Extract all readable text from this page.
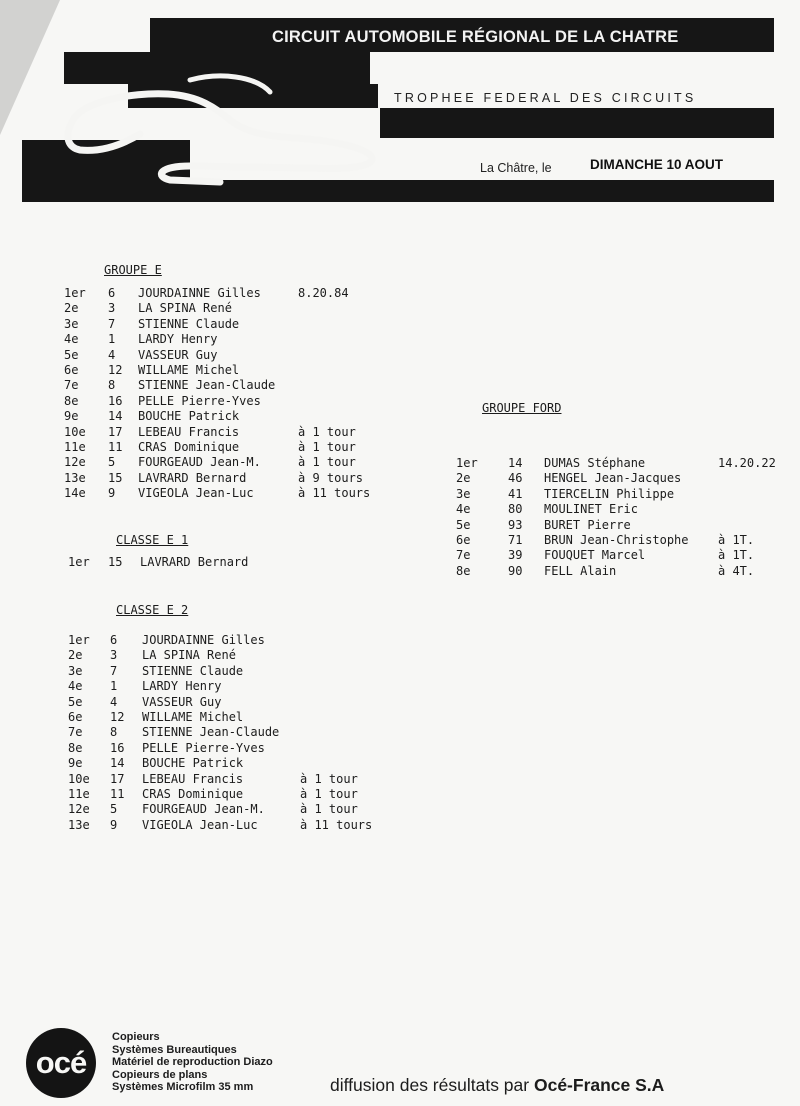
CIRCUIT AUTOMOBILE RÉGIONAL DE LA CHATRE
TROPHEE FEDERAL DES CIRCUITS
La Châtre, le	DIMANCHE 10 AOUT
GROUPE E
1er 6 JOURDAINNE Gilles	8.20.84
2e 3 LA SPINA René
3e 7 STIENNE Claude
4e 1 LARDY Henry
5e 4 VASSEUR Guy
6e 12 WILLAME Michel
7e 8 STIENNE Jean-Claude
8e 16 PELLE Pierre-Yves
9e 14 BOUCHE Patrick
10e 17 LEBEAU Francis	à 1 tour
11e 11 CRAS Dominique	à 1 tour
12e 5 FOURGEAUD Jean-M.	à 1 tour
13e 15 LAVRARD Bernard	à 9 tours
14e 9 VIGEOLA Jean-Luc	à 11 tours
CLASSE E 1
1er 15 LAVRARD Bernard
CLASSE E 2
1er 6 JOURDAINNE Gilles
2e 3 LA SPINA René
3e 7 STIENNE Claude
4e 1 LARDY Henry
5e 4 VASSEUR Guy
6e 12 WILLAME Michel
7e 8 STIENNE Jean-Claude
8e 16 PELLE Pierre-Yves
9e 14 BOUCHE Patrick
10e 17 LEBEAU Francis	à 1 tour
11e 11 CRAS Dominique	à 1 tour
12e 5 FOURGEAUD Jean-M.	à 1 tour
13e 9 VIGEOLA Jean-Luc	à 11 tours
GROUPE FORD
1er	14 DUMAS Stéphane	14.20.22
2e	46 HENGEL Jean-Jacques
3e	41 TIERCELIN Philippe
4e	80 MOULINET Eric
5e	93 BURET Pierre
6e	71 BRUN Jean-Christophe à 1T.
7e	39 FOUQUET Marcel	à 1T.
8e	90 FELL Alain	à 4T.
océ
Copieurs
Systèmes Bureautiques
Matériel de reproduction Diazo
Copieurs de plans
Systèmes Microfilm 35 mm	diffusion des résultats par Océ-France S.A
